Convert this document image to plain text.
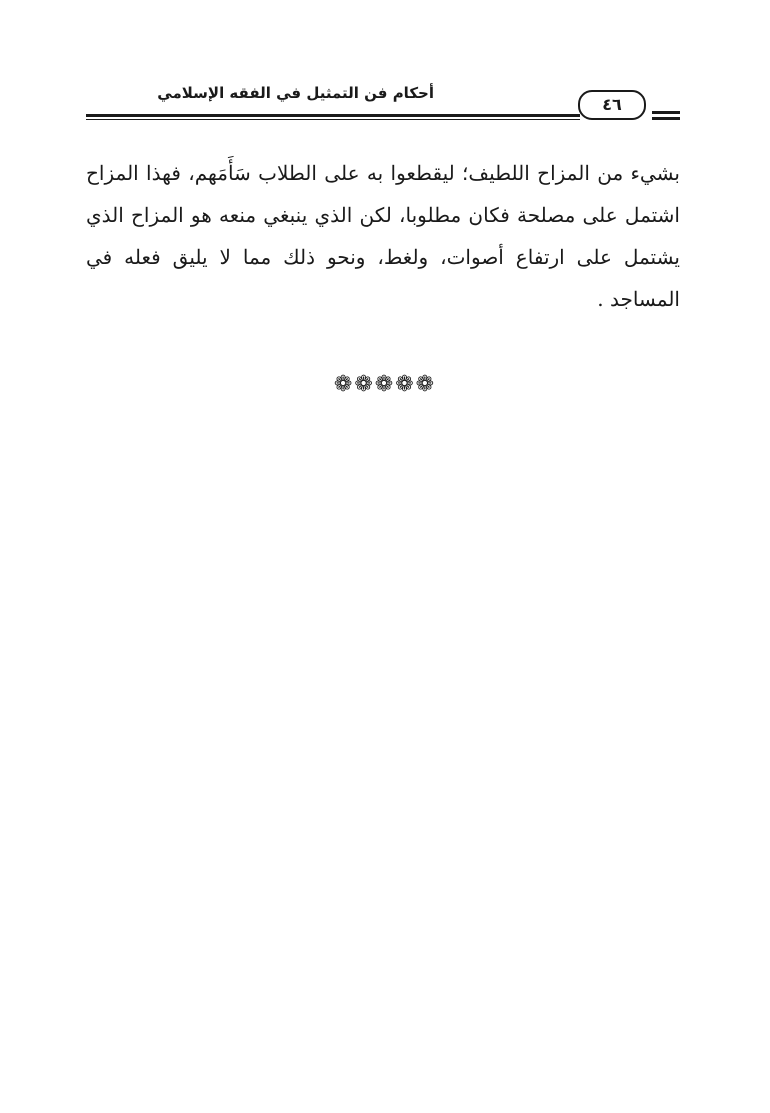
أحكام فن التمثيل في الفقه الإسلامي
٤٦
بشيء من المزاح اللطيف؛ ليقطعوا به على الطلاب سَأَمَهم، فهذا المزاح اشتمل على مصلحة فكان مطلوبا، لكن الذي ينبغي منعه هو المزاح الذي يشتمل على ارتفاع أصوات، ولغط، ونحو ذلك مما لا يليق فعله في المساجد .
❁❁❁❁❁
